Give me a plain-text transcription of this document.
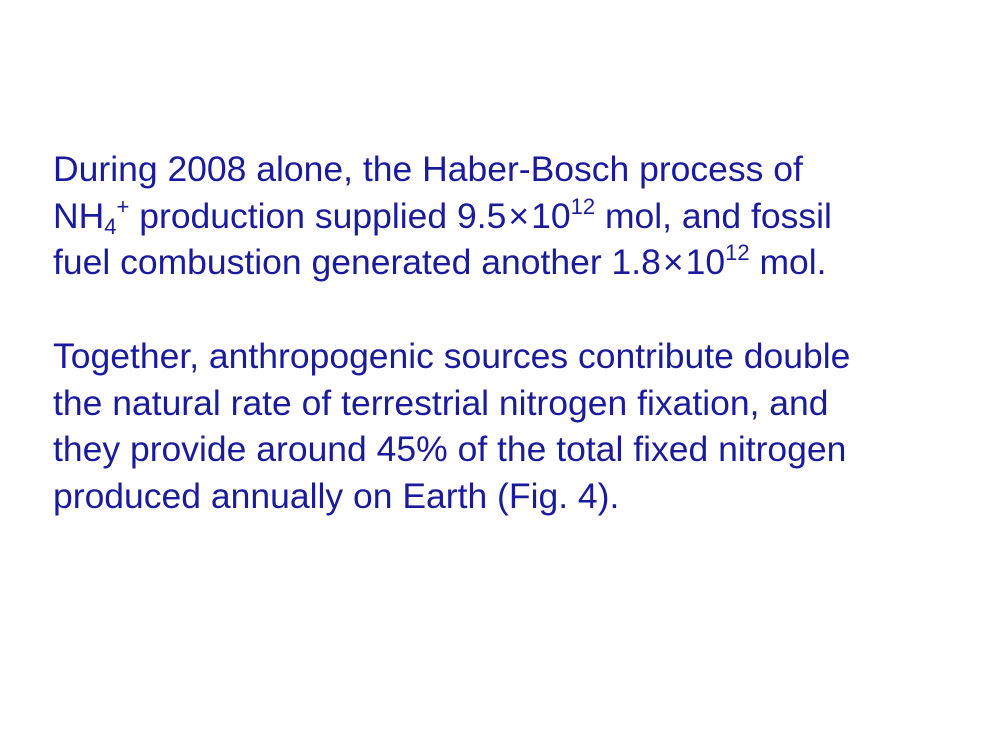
During 2008 alone, the Haber-Bosch process of
$NH_4^+$ production supplied $9.5\times 10^{12}$ mol, and fossil
fuel combustion generated another $1.8\times 10^{12}$ mol.
Together, anthropogenic sources contribute double
the natural rate of terrestrial nitrogen fixation, and
they provide around 45% of the total fixed nitrogen
produced annually on Earth (Fig. 4).
